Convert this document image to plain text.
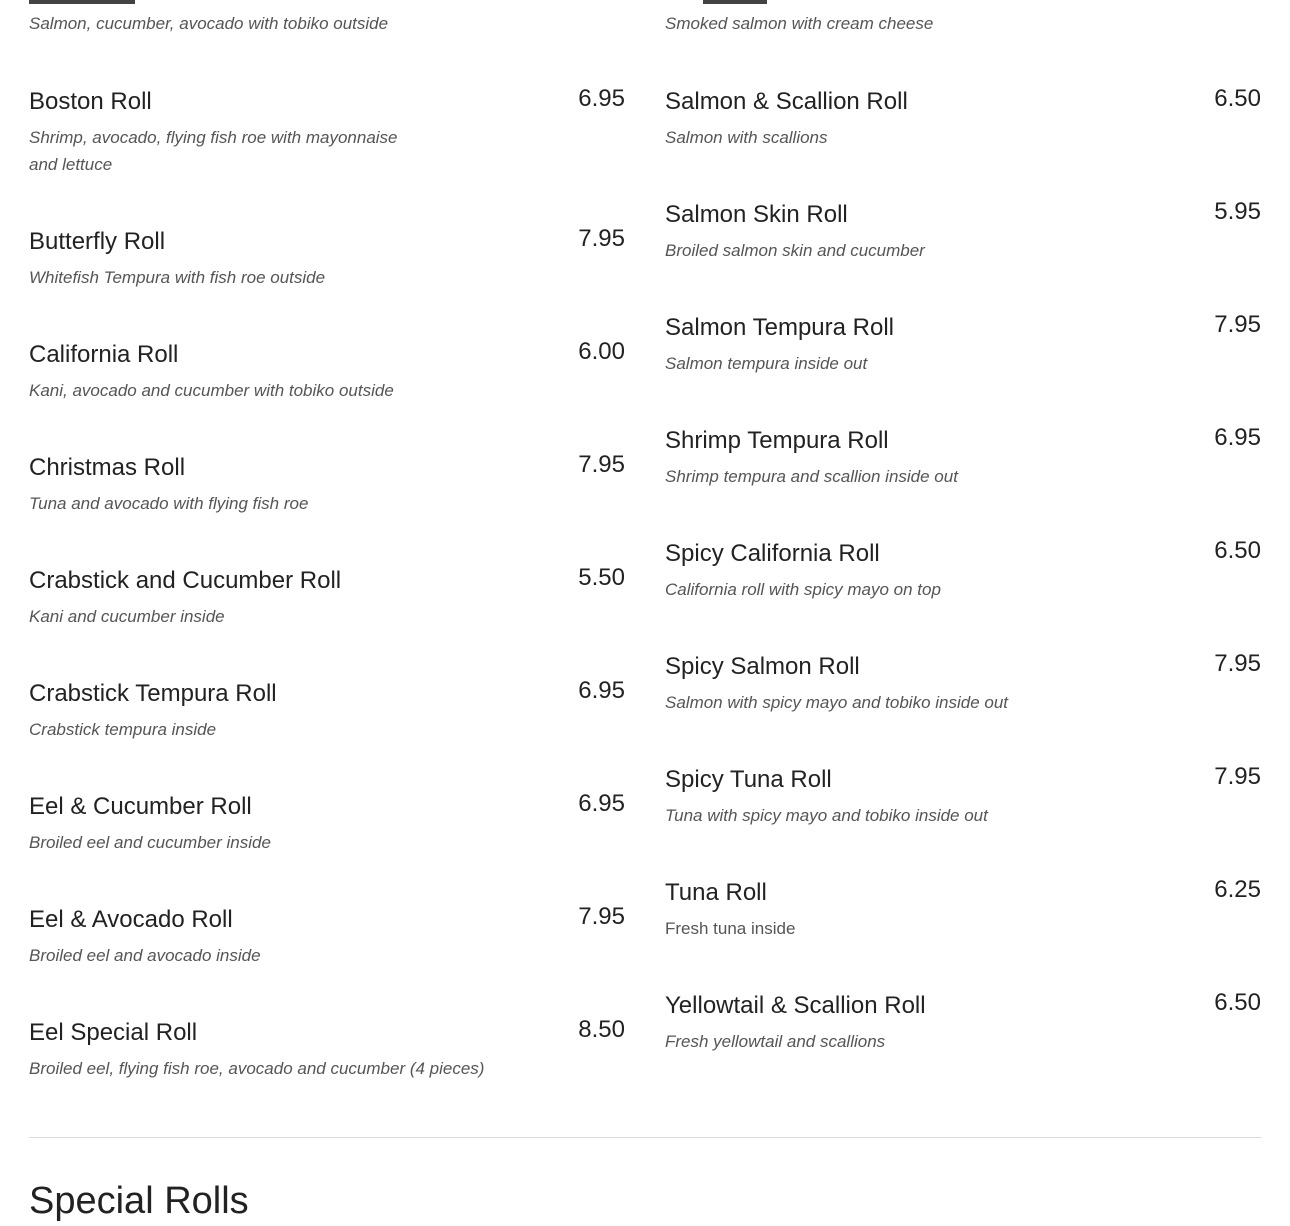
Salmon, cucumber, avocado with tobiko outside	Smoked salmon with cream cheese
Boston Roll	6.95
Shrimp, avocado, flying fish roe with mayonnaise and lettuce
Butterfly Roll	7.95
Whitefish Tempura with fish roe outside
California Roll	6.00
Kani, avocado and cucumber with tobiko outside
Christmas Roll	7.95
Tuna and avocado with flying fish roe
Crabstick and Cucumber Roll	5.50
Kani and cucumber inside
Crabstick Tempura Roll	6.95
Crabstick tempura inside
Eel & Cucumber Roll	6.95
Broiled eel and cucumber inside
Eel & Avocado Roll	7.95
Broiled eel and avocado inside
Eel Special Roll	8.50
Broiled eel, flying fish roe, avocado and cucumber (4 pieces)
Salmon & Scallion Roll	6.50
Salmon with scallions
Salmon Skin Roll	5.95
Broiled salmon skin and cucumber
Salmon Tempura Roll	7.95
Salmon tempura inside out
Shrimp Tempura Roll	6.95
Shrimp tempura and scallion inside out
Spicy California Roll	6.50
California roll with spicy mayo on top
Spicy Salmon Roll	7.95
Salmon with spicy mayo and tobiko inside out
Spicy Tuna Roll	7.95
Tuna with spicy mayo and tobiko inside out
Tuna Roll	6.25
Fresh tuna inside
Yellowtail & Scallion Roll	6.50
Fresh yellowtail and scallions
Special Rolls
